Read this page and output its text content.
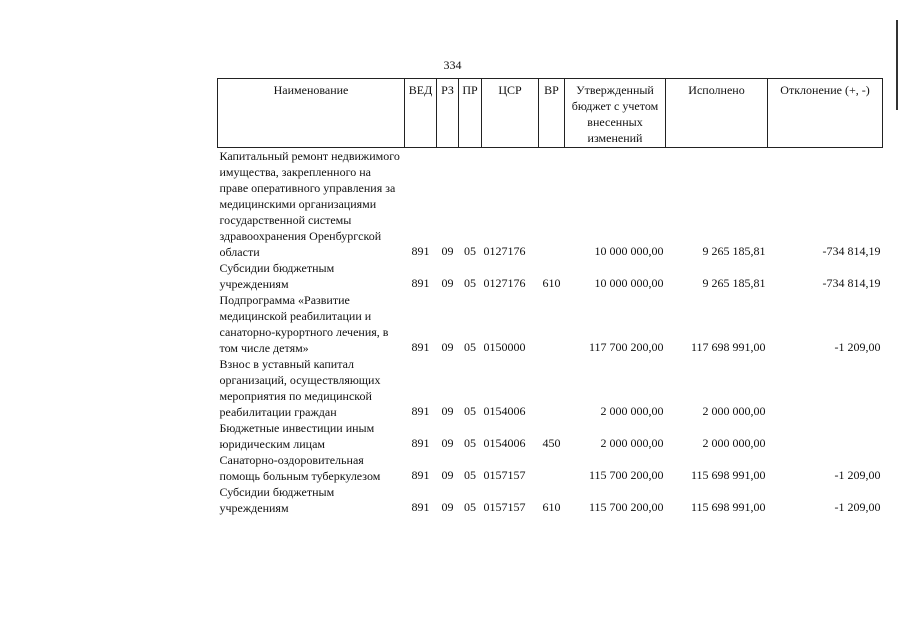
334
Наименование	ВЕД	РЗ	ПР	ЦСР	ВР	Утвержденный бюджет с учетом внесенных изменений	Исполнено	Отклонение (+, -)
Капитальный ремонт недвижимого имущества, закрепленного на праве оперативного управления за медицинскими организациями государственной системы здравоохранения Оренбургской области	891	09	05	0127176		10 000 000,00	9 265 185,81	-734 814,19
Субсидии бюджетным учреждениям	891	09	05	0127176	610	10 000 000,00	9 265 185,81	-734 814,19
Подпрограмма «Развитие медицинской реабилитации и санаторно-курортного лечения, в том числе детям»	891	09	05	0150000		117 700 200,00	117 698 991,00	-1 209,00
Взнос в уставный капитал организаций, осуществляющих мероприятия по медицинской реабилитации граждан	891	09	05	0154006		2 000 000,00	2 000 000,00	
Бюджетные инвестиции иным юридическим лицам	891	09	05	0154006	450	2 000 000,00	2 000 000,00	
Санаторно-оздоровительная помощь больным туберкулезом	891	09	05	0157157		115 700 200,00	115 698 991,00	-1 209,00
Субсидии бюджетным учреждениям	891	09	05	0157157	610	115 700 200,00	115 698 991,00	-1 209,00
